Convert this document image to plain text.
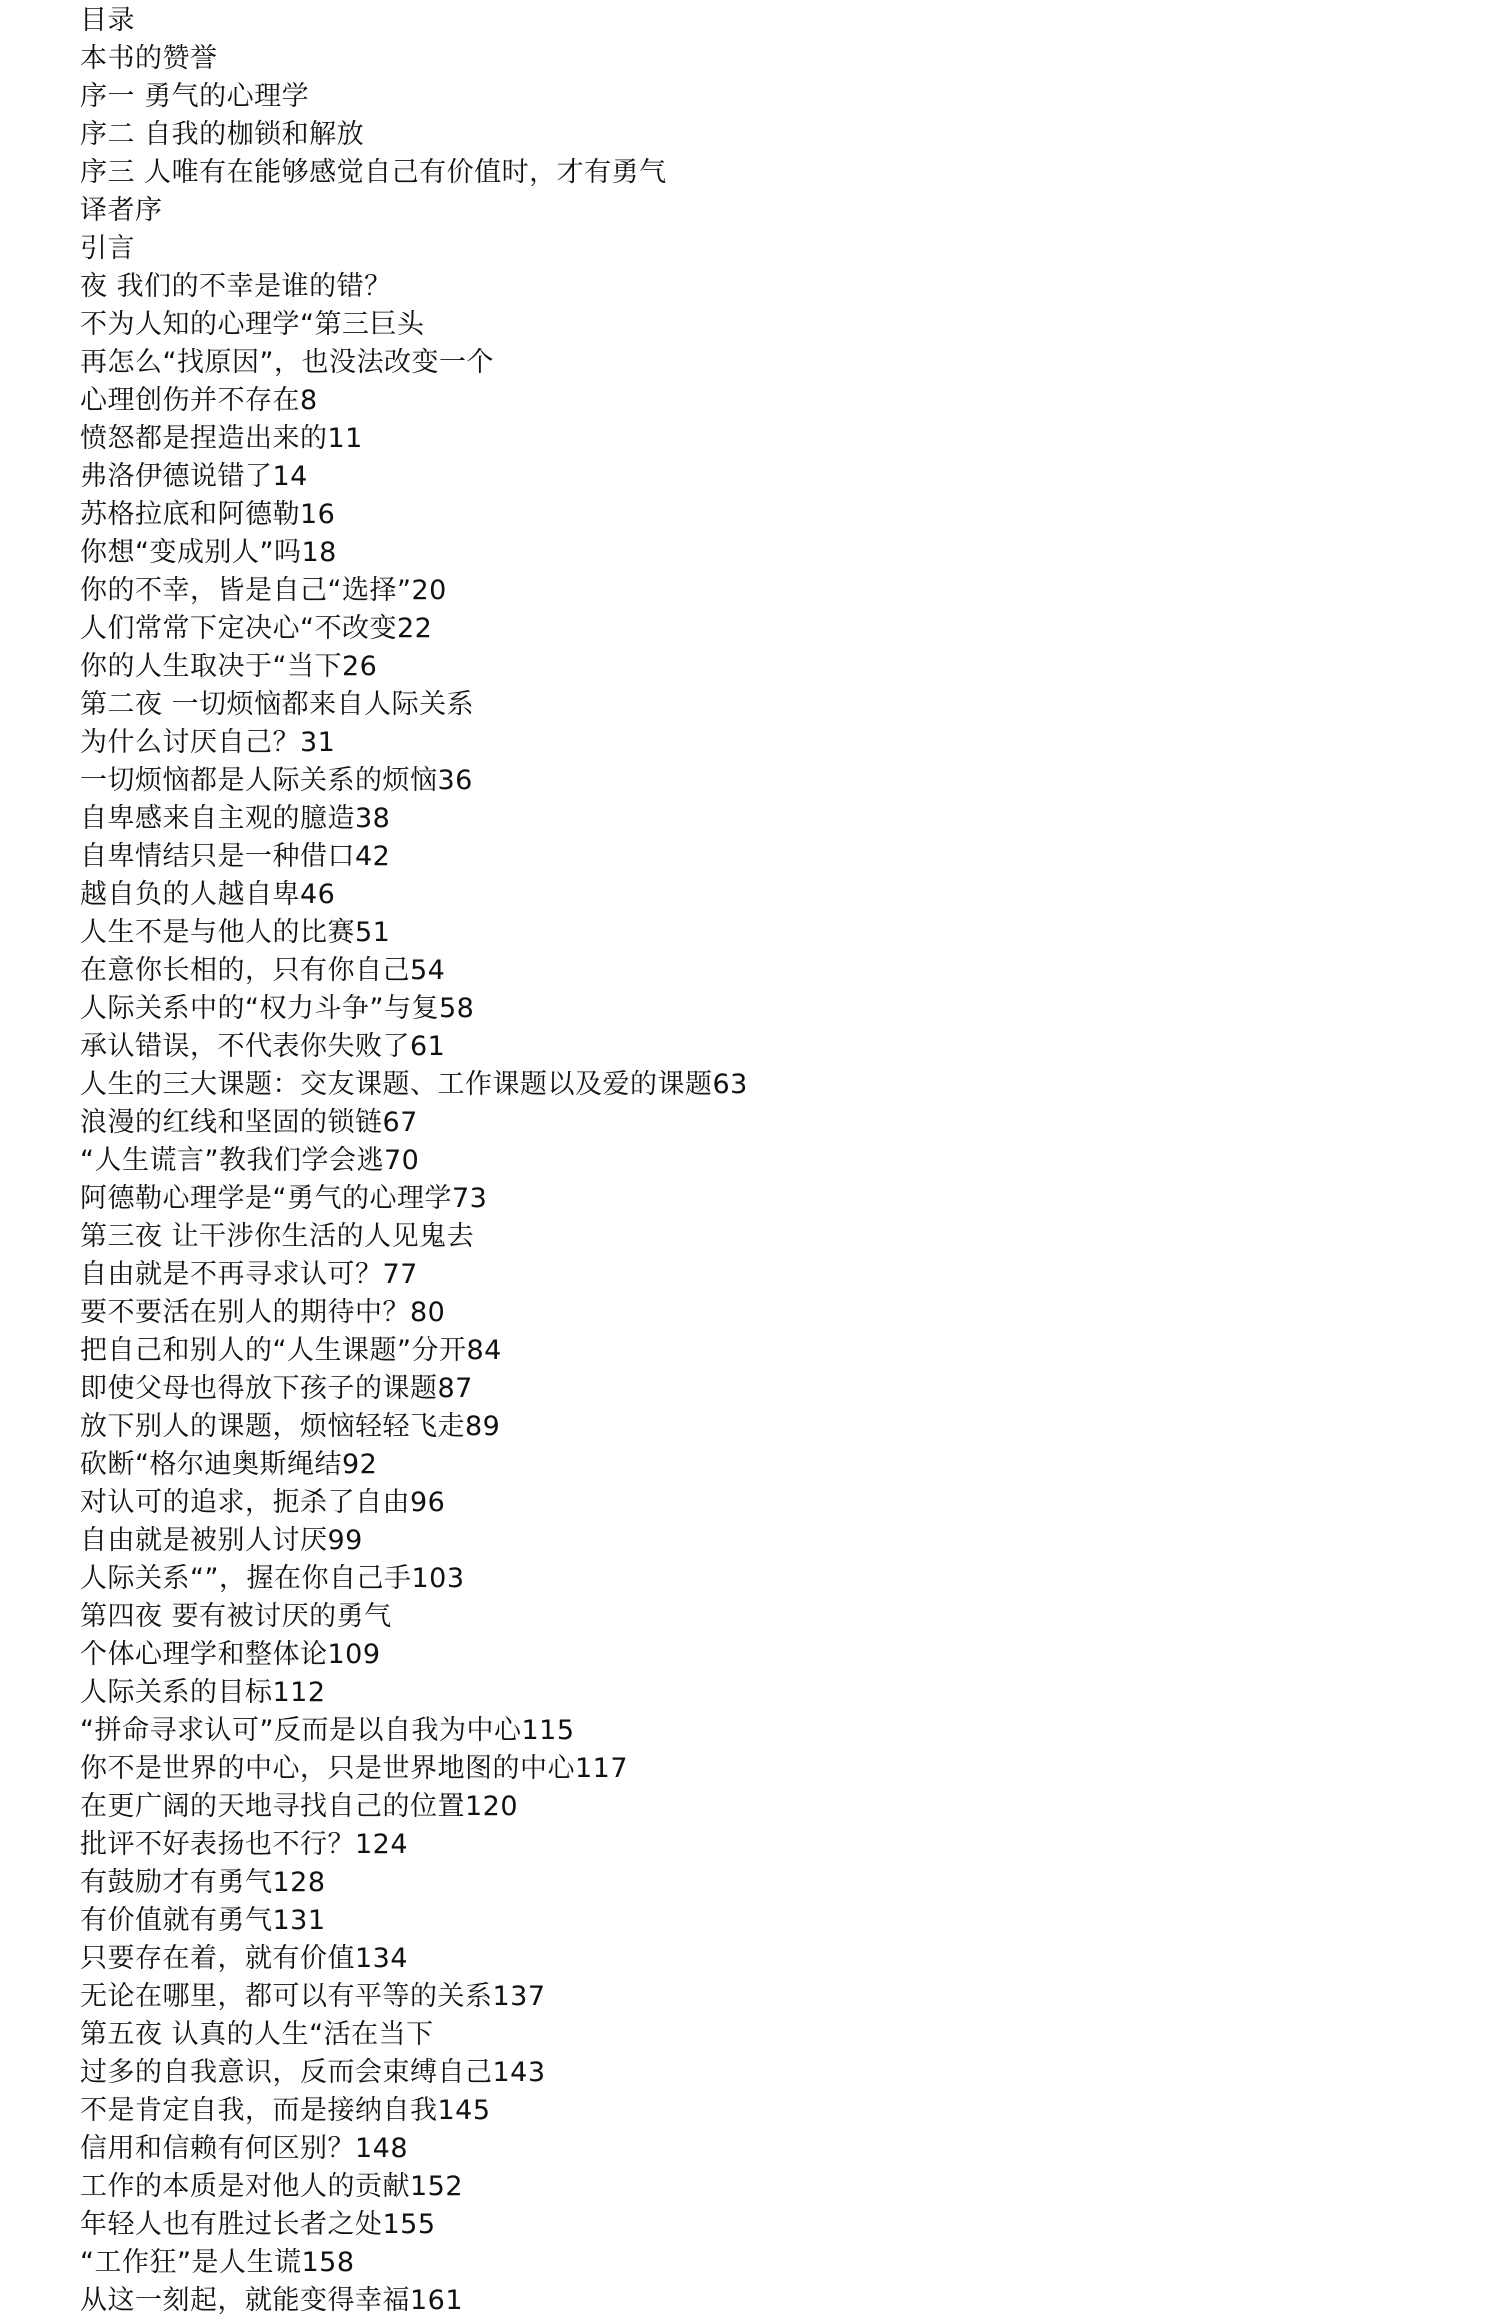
目录
本书的赞誉
序一 勇气的心理学
序二 自我的枷锁和解放
序三 人唯有在能够感觉自己有价值时，才有勇气
译者序
引言
夜 我们的不幸是谁的错？
不为人知的心理学“第三巨头
再怎么“找原因”，也没法改变一个
心理创伤并不存在8
愤怒都是捏造出来的11
弗洛伊德说错了14
苏格拉底和阿德勒16
你想“变成别人”吗18
你的不幸，皆是自己“选择”20
人们常常下定决心“不改变22
你的人生取决于“当下26
第二夜 一切烦恼都来自人际关系
为什么讨厌自己？31
一切烦恼都是人际关系的烦恼36
自卑感来自主观的臆造38
自卑情结只是一种借口42
越自负的人越自卑46
人生不是与他人的比赛51
在意你长相的，只有你自己54
人际关系中的“权力斗争”与复58
承认错误，不代表你失败了61
人生的三大课题：交友课题、工作课题以及爱的课题63
浪漫的红线和坚固的锁链67
“人生谎言”教我们学会逃70
阿德勒心理学是“勇气的心理学73
第三夜 让干涉你生活的人见鬼去
自由就是不再寻求认可？77
要不要活在别人的期待中？80
把自己和别人的“人生课题”分开84
即使父母也得放下孩子的课题87
放下别人的课题，烦恼轻轻飞走89
砍断“格尔迪奥斯绳结92
对认可的追求，扼杀了自由96
自由就是被别人讨厌99
人际关系“”，握在你自己手103
第四夜 要有被讨厌的勇气
个体心理学和整体论109
人际关系的目标112
“拼命寻求认可”反而是以自我为中心115
你不是世界的中心，只是世界地图的中心117
在更广阔的天地寻找自己的位置120
批评不好表扬也不行？124
有鼓励才有勇气128
有价值就有勇气131
只要存在着，就有价值134
无论在哪里，都可以有平等的关系137
第五夜 认真的人生“活在当下
过多的自我意识，反而会束缚自己143
不是肯定自我，而是接纳自我145
信用和信赖有何区别？148
工作的本质是对他人的贡献152
年轻人也有胜过长者之处155
“工作狂”是人生谎158
从这一刻起，就能变得幸福161
